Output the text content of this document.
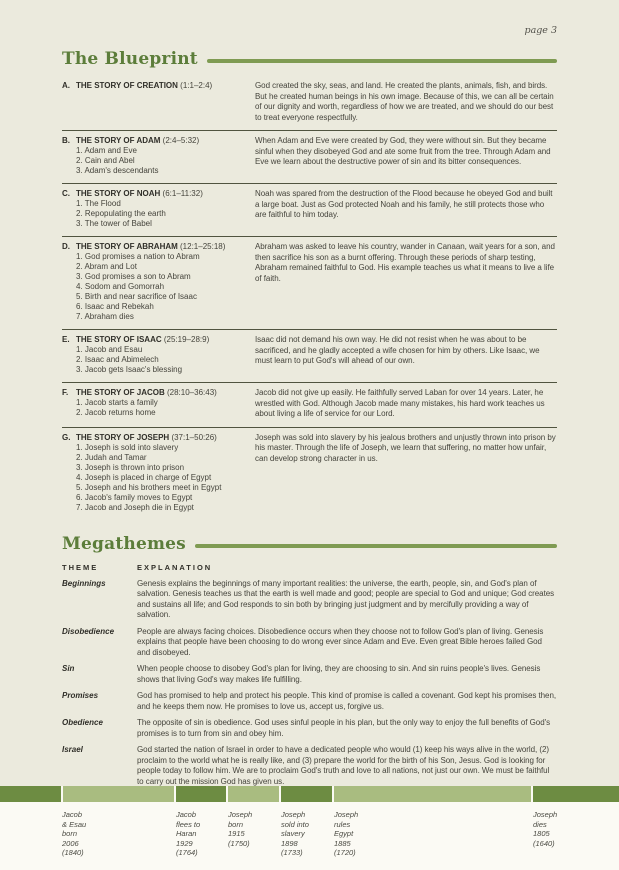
page 3
The Blueprint
A. THE STORY OF CREATION (1:1–2:4)	God created the sky, seas, and land. He created the plants, animals, fish, and birds. But he created human beings in his own image. Because of this, we can all be certain of our dignity and worth, regardless of how we are treated, and we should do our best to treat everyone respectfully.
B. THE STORY OF ADAM (2:4–5:32)
1. Adam and Eve
2. Cain and Abel
3. Adam's descendants
When Adam and Eve were created by God, they were without sin. But they became sinful when they disobeyed God and ate some fruit from the tree. Through Adam and Eve we learn about the destructive power of sin and its bitter consequences.
C. THE STORY OF NOAH (6:1–11:32)
1. The Flood
2. Repopulating the earth
3. The tower of Babel
Noah was spared from the destruction of the Flood because he obeyed God and built a large boat. Just as God protected Noah and his family, he still protects those who are faithful to him today.
D. THE STORY OF ABRAHAM (12:1–25:18)
1. God promises a nation to Abram
2. Abram and Lot
3. God promises a son to Abram
4. Sodom and Gomorrah
5. Birth and near sacrifice of Isaac
6. Isaac and Rebekah
7. Abraham dies
Abraham was asked to leave his country, wander in Canaan, wait years for a son, and then sacrifice his son as a burnt offering. Through these periods of sharp testing, Abraham remained faithful to God. His example teaches us what it means to live a life of faith.
E. THE STORY OF ISAAC (25:19–28:9)
1. Jacob and Esau
2. Isaac and Abimelech
3. Jacob gets Isaac's blessing
Isaac did not demand his own way. He did not resist when he was about to be sacrificed, and he gladly accepted a wife chosen for him by others. Like Isaac, we must learn to put God's will ahead of our own.
F. THE STORY OF JACOB (28:10–36:43)
1. Jacob starts a family
2. Jacob returns home
Jacob did not give up easily. He faithfully served Laban for over 14 years. Later, he wrestled with God. Although Jacob made many mistakes, his hard work teaches us about living a life of service for our Lord.
G. THE STORY OF JOSEPH (37:1–50:26)
1. Joseph is sold into slavery
2. Judah and Tamar
3. Joseph is thrown into prison
4. Joseph is placed in charge of Egypt
5. Joseph and his brothers meet in Egypt
6. Jacob's family moves to Egypt
7. Jacob and Joseph die in Egypt
Joseph was sold into slavery by his jealous brothers and unjustly thrown into prison by his master. Through the life of Joseph, we learn that suffering, no matter how unfair, can develop strong character in us.
Megathemes
THEME	EXPLANATION
Beginnings	Genesis explains the beginnings of many important realities: the universe, the earth, people, sin, and God's plan of salvation. Genesis teaches us that the earth is well made and good; people are special to God and unique; God creates and sustains all life; and God responds to sin both by bringing just judgment and by mercifully providing a way of salvation.
Disobedience	People are always facing choices. Disobedience occurs when they choose not to follow God's plan of living. Genesis explains that people have been choosing to do wrong ever since Adam and Eve. Even great Bible heroes failed God and disobeyed.
Sin	When people choose to disobey God's plan for living, they are choosing to sin. And sin ruins people's lives. Genesis shows that living God's way makes life fulfilling.
Promises	God has promised to help and protect his people. This kind of promise is called a covenant. God kept his promises then, and he keeps them now. He promises to love us, accept us, forgive us.
Obedience	The opposite of sin is obedience. God uses sinful people in his plan, but the only way to enjoy the full benefits of God's promises is to turn from sin and obey him.
Israel	God started the nation of Israel in order to have a dedicated people who would (1) keep his ways alive in the world, (2) proclaim to the world what he is really like, and (3) prepare the world for the birth of his Son, Jesus. God is looking for people today to follow him. We are to proclaim God's truth and love to all nations, not just our own. We must be faithful to carry out the mission God has given us.
Jacob
& Esau
born
2006
(1840)
Jacob
flees to
Haran
1929
(1764)
Joseph
born
1915
(1750)
Joseph
sold into
slavery
1898
(1733)
Joseph
rules
Egypt
1885
(1720)
Joseph
dies
1805
(1640)
